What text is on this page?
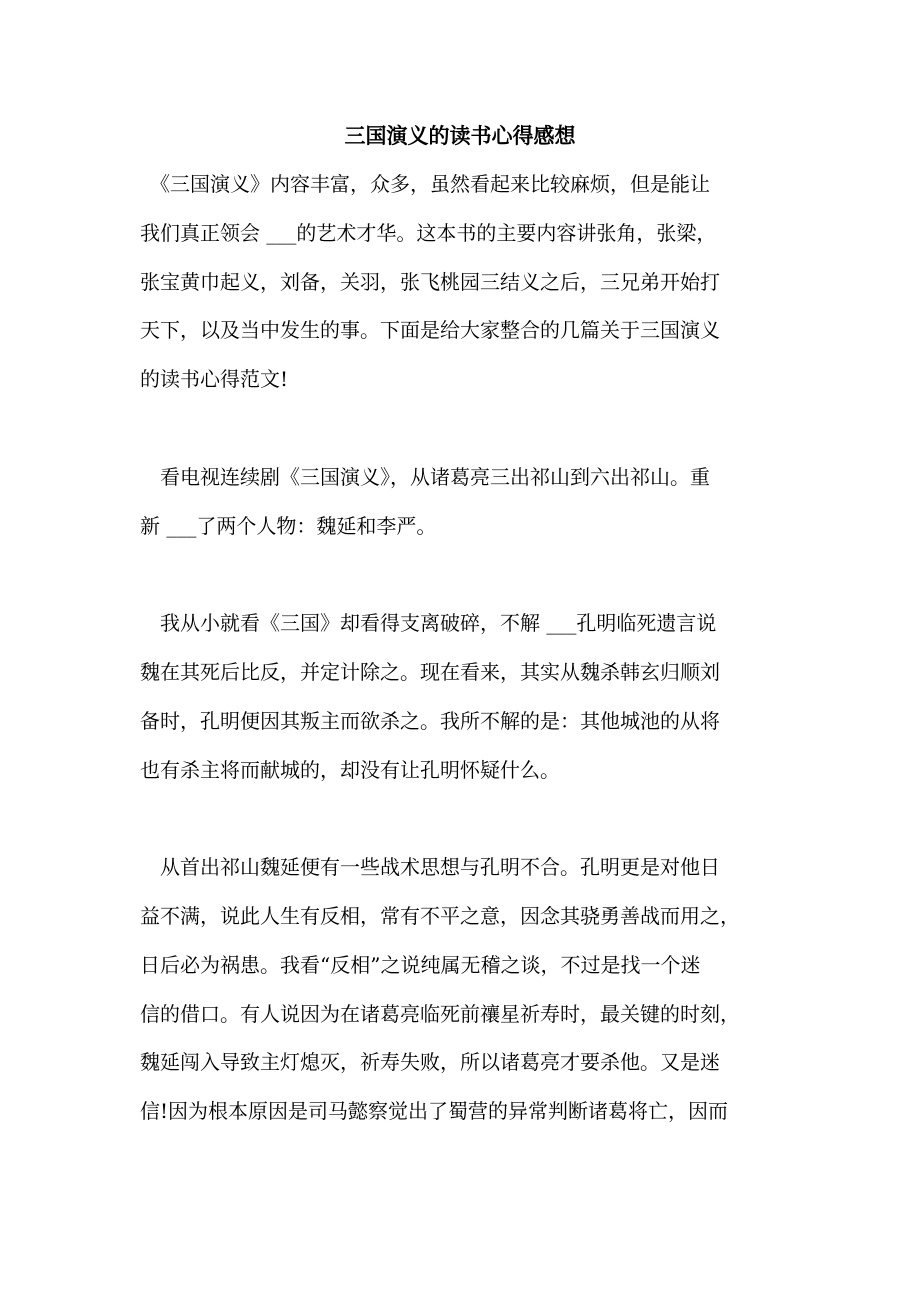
三国演义的读书心得感想

　《三国演义》内容丰富，众多，虽然看起来比较麻烦，但是能让
我们真正领会 ___的艺术才华。这本书的主要内容讲张角，张梁，
张宝黄巾起义，刘备，关羽，张飞桃园三结义之后，三兄弟开始打
天下，以及当中发生的事。下面是给大家整合的几篇关于三国演义
的读书心得范文!

　看电视连续剧《三国演义》，从诸葛亮三出祁山到六出祁山。重
新 ___了两个人物：魏延和李严。

　我从小就看《三国》却看得支离破碎，不解 ___孔明临死遗言说
魏在其死后比反，并定计除之。现在看来，其实从魏杀韩玄归顺刘
备时，孔明便因其叛主而欲杀之。我所不解的是：其他城池的从将
也有杀主将而献城的，却没有让孔明怀疑什么。

　从首出祁山魏延便有一些战术思想与孔明不合。孔明更是对他日
益不满，说此人生有反相，常有不平之意，因念其骁勇善战而用之，
日后必为祸患。我看“反相”之说纯属无稽之谈，不过是找一个迷
信的借口。有人说因为在诸葛亮临死前禳星祈寿时，最关键的时刻，
魏延闯入导致主灯熄灭，祈寿失败，所以诸葛亮才要杀他。又是迷
信!因为根本原因是司马懿察觉出了蜀营的异常判断诸葛将亡，因而
